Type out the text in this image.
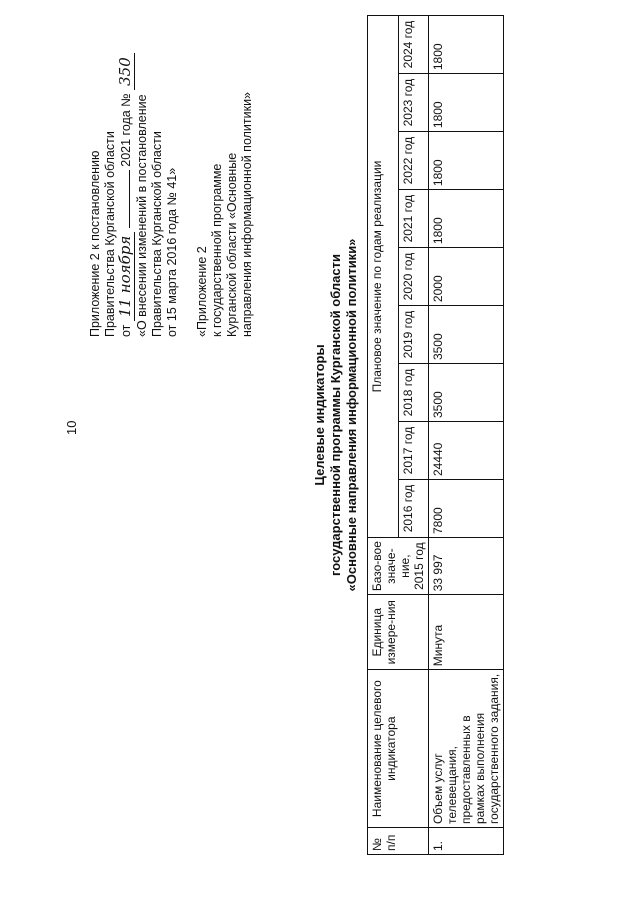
10
Приложение 2 к постановлению Правительства Курганской области от 11 ноября  2021 года № 350
«О внесении изменений в постановление Правительства Курганской области от 15 марта 2016 года № 41» «Приложение 2 к государственной программе Курганской области «Основные направления информационной политики»
Целевые индикаторы государственной программы Курганской области «Основные направления информационной политики»
№ п/п	Наименование целевого индикатора	Единица измере-ния	Базо-вое значе-ние, 2015 год	Плановое значение по годам реализации								
				2016 год	2017 год	2018 год	2019 год	2020 год	2021 год	2022 год	2023 год	2024 год
1.	Объем услуг телевещания, предоставленных в рамках выполнения государственного задания,	Минута	33 997	7800	24440	3500	3500	2000	1800	1800	1800	1800
